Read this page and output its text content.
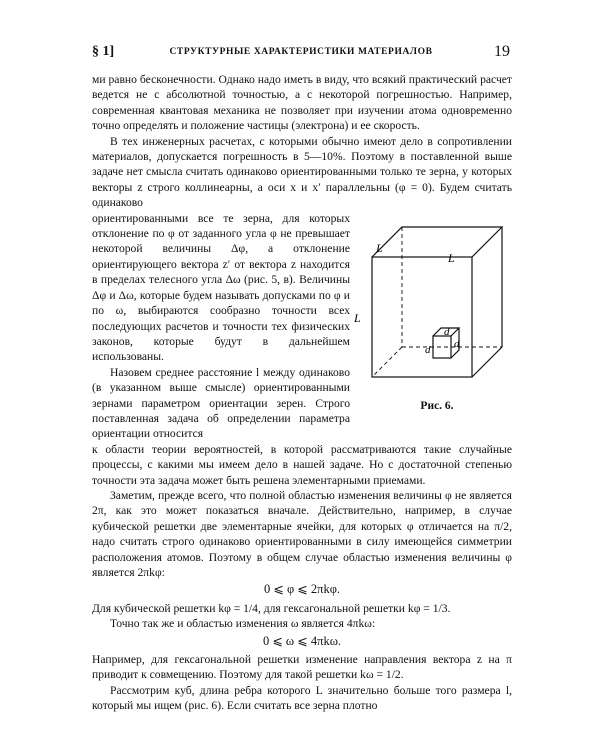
§ 1]	СТРУКТУРНЫЕ ХАРАКТЕРИСТИКИ МАТЕРИАЛОВ	19

ми равно бесконечности. Однако надо иметь в виду, что всякий практический расчет ведется не с абсолютной точностью, а с некоторой погрешностью. Например, современная квантовая механика не позволяет при изучении атома одновременно точно определять и положение частицы (электрона) и ее скорость.

В тех инженерных расчетах, с которыми обычно имеют дело в сопротивлении материалов, допускается погрешность в 5—10%. Поэтому в поставленной выше задаче нет смысла считать одинаково ориентированными только те зерна, у которых векторы z строго коллинеарны, а оси x и x′ параллельны (φ = 0). Будем считать одинаково

ориентированными все те зерна, для которых отклонение по φ от заданного угла φ не превышает некоторой величины Δφ, а отклонение ориентирующего вектора z′ от вектора z находится в пределах телесного угла Δω (рис. 5, в). Величины Δφ и Δω, которые будем называть допусками по φ и по ω, выбираются сообразно точности всех последующих расчетов и точности тех физических законов, которые будут в дальнейшем использованы.

Назовем среднее расстояние l между одинаково (в указанном выше смысле) ориентированными зернами параметром ориентации зерен. Строго поставленная задача об определении параметра ориентации относится

к области теории вероятностей, в которой рассматриваются такие случайные процессы, с какими мы имеем дело в нашей задаче. Но с достаточной степенью точности эта задача может быть решена элементарными приемами.

Заметим, прежде всего, что полной областью изменения величины φ не является 2π, как это может показаться вначале. Действительно, например, в случае кубической решетки две элементарные ячейки, для которых φ отличается на π/2, надо считать строго одинаково ориентированными в силу имеющейся симметрии расположения атомов. Поэтому в общем случае областью изменения величины φ является 2πkφ:

0 ⩽ φ ⩽ 2πkφ.

Для кубической решетки kφ = 1/4, для гексагональной решетки kφ = 1/3.

Точно так же и областью изменения ω является 4πkω:

0 ⩽ ω ⩽ 4πkω.

Например, для гексагональной решетки изменение направления вектора z на π приводит к совмещению. Поэтому для такой решетки kω = 1/2.

Рассмотрим куб, длина ребра которого L значительно больше того размера l, который мы ищем (рис. 6). Если считать все зерна плотно

L
L
L
d
d d
Рис. 6.
